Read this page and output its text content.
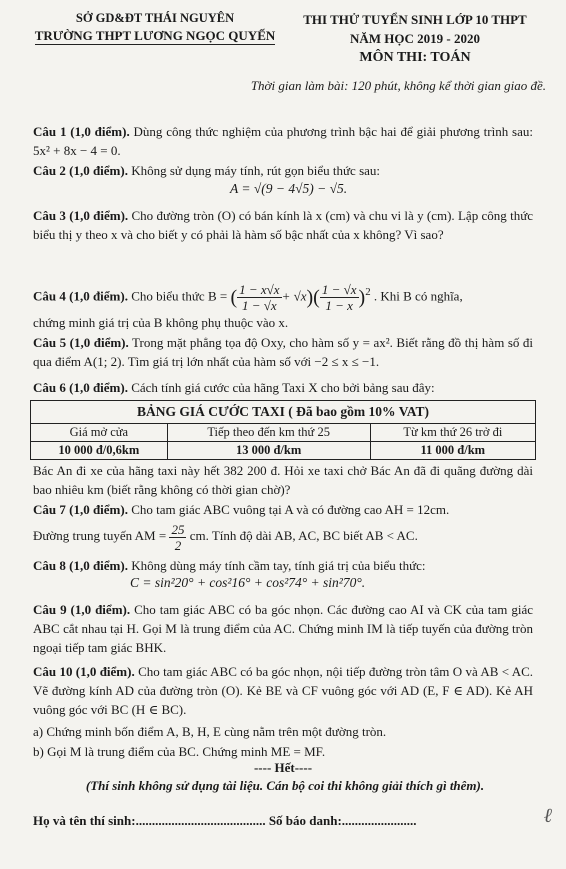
SỞ GD&ĐT THÁI NGUYÊN
TRƯỜNG THPT LƯƠNG NGỌC QUYẾN
THI THỬ TUYỂN SINH LỚP 10 THPT
NĂM HỌC 2019 - 2020
MÔN THI: TOÁN
Thời gian làm bài: 120 phút, không kể thời gian giao đề.
Câu 1 (1,0 điểm). Dùng công thức nghiệm của phương trình bậc hai để giải phương trình sau: 5x² + 8x − 4 = 0.
Câu 2 (1,0 điểm). Không sử dụng máy tính, rút gọn biểu thức sau:
A = √(9 − 4√5) − √5.
Câu 3 (1,0 điểm). Cho đường tròn (O) có bán kính là x (cm) và chu vi là y (cm). Lập công thức biểu thị y theo x và cho biết y có phải là hàm số bậc nhất của x không? Vì sao?
Câu 4 (1,0 điểm). Cho biểu thức B = ( $\frac{1 - x√x}{1 - √x} + √x)( \frac{1 - √x}{1 - x} )^2$ . Khi B có nghĩa,
chứng minh giá trị của B không phụ thuộc vào x.
Câu 5 (1,0 điểm). Trong mặt phẳng tọa độ Oxy, cho hàm số y = ax². Biết rằng đồ thị hàm số đi qua điểm A(1; 2). Tìm giá trị lớn nhất của hàm số với −2 ≤ x ≤ −1.
Câu 6 (1,0 điểm). Cách tính giá cước của hãng Taxi X cho bởi bảng sau đây:
BẢNG GIÁ CƯỚC TAXI ( Đã bao gồm 10% VAT)		
Giá mở cửa	Tiếp theo đến km thứ 25	Từ km thứ 26 trở đi
10 000 đ/0,6km	13 000 đ/km	11 000 đ/km
Bác An đi xe của hãng taxi này hết 382 200 đ. Hỏi xe taxi chở Bác An đã đi quãng đường dài bao nhiêu km (biết rằng không có thời gian chờ)?
Câu 7 (1,0 điểm). Cho tam giác ABC vuông tại A và có đường cao AH = 12cm.
Đường trung tuyến AM = $\frac{25}{2}$ cm. Tính độ dài AB, AC, BC biết AB < AC.
Câu 8 (1,0 điểm). Không dùng máy tính cầm tay, tính giá trị của biểu thức:
C = sin²20° + cos²16° + cos²74° + sin²70°.
Câu 9 (1,0 điểm). Cho tam giác ABC có ba góc nhọn. Các đường cao AI và CK của tam giác ABC cắt nhau tại H. Gọi M là trung điểm của AC. Chứng minh IM là tiếp tuyến của đường tròn ngoại tiếp tam giác BHK.
Câu 10 (1,0 điểm). Cho tam giác ABC có ba góc nhọn, nội tiếp đường tròn tâm O và AB < AC. Vẽ đường kính AD của đường tròn (O). Kẻ BE và CF vuông góc với AD (E, F ∈ AD). Kẻ AH vuông góc với BC (H ∈ BC).
a) Chứng minh bốn điểm A, B, H, E cùng nằm trên một đường tròn.
b) Gọi M là trung điểm của BC. Chứng minh ME = MF.
---- Hết----
(Thí sinh không sử dụng tài liệu. Cán bộ coi thi không giải thích gì thêm).
Họ và tên thí sinh:........................................ Số báo danh:.......................	ℓ
